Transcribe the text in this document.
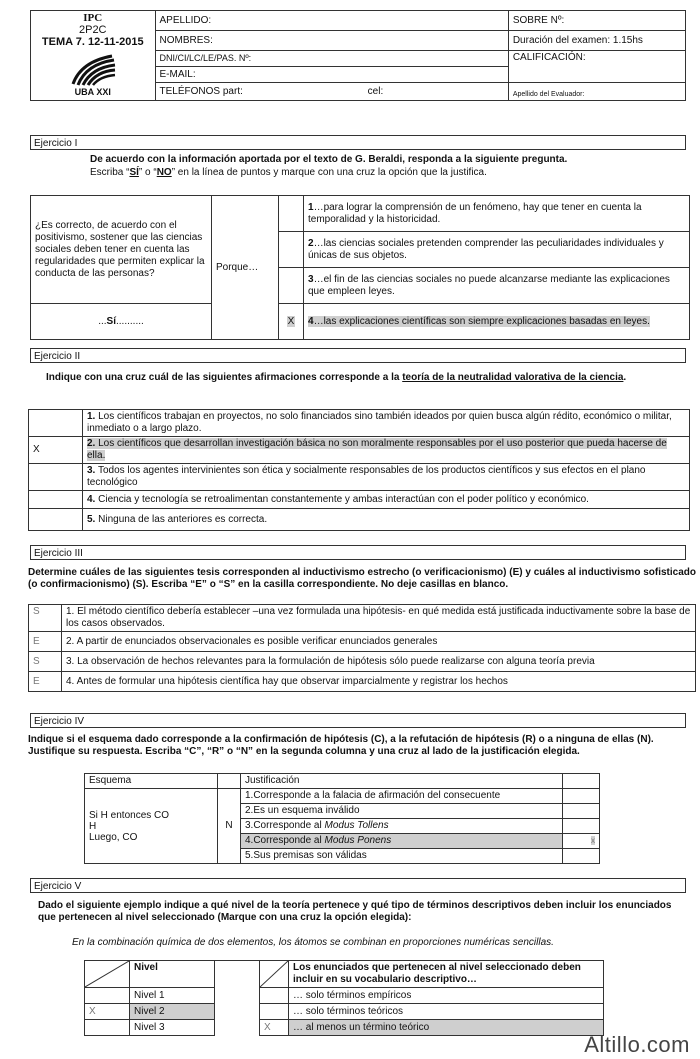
IPC
2P2C
TEMA 7. 12-11-2015
UBA XXI	APELLIDO:	SOBRE Nº:
	NOMBRES:	Duración del examen: 1.15hs
	DNI/CI/LC/LE/PAS. Nº:	CALIFICACIÓN:
	E-MAIL:	
	TELÉFONOS part: cel:	Apellido del Evaluador:
Ejercicio I
De acuerdo con la información aportada por el texto de G. Beraldi, responda a la siguiente pregunta.
Escriba “SÍ” o “NO” en la línea de puntos y marque con una cruz la opción que la justifica.
¿Es correcto, de acuerdo con el positivismo, sostener que las ciencias sociales deben tener en cuenta las regularidades que permiten explicar la conducta de las personas?	Porque…		1…para lograr la comprensión de un fenómeno, hay que tener en cuenta la temporalidad y la historicidad.
			2…las ciencias sociales pretenden comprender las peculiaridades individuales y únicas de sus objetos.
			3…el fin de las ciencias sociales no puede alcanzarse mediante las explicaciones que empleen leyes.
...Sí..........		X	4…las explicaciones científicas son siempre explicaciones basadas en leyes.
Ejercicio II
Indique con una cruz cuál de las siguientes afirmaciones corresponde a la teoría de la neutralidad valorativa de la ciencia.
	1. Los científicos trabajan en proyectos, no solo financiados sino también ideados por quien busca algún rédito, económico o militar, inmediato o a largo plazo.
X	2. Los científicos que desarrollan investigación básica no son moralmente responsables por el uso posterior que pueda hacerse de ella.
	3. Todos los agentes intervinientes son ética y socialmente responsables de los productos científicos y sus efectos en el plano tecnológico
	4. Ciencia y tecnología se retroalimentan constantemente y ambas interactúan con el poder político y económico.
	5. Ninguna de las anteriores es correcta.
Ejercicio III
Determine cuáles de las siguientes tesis corresponden al inductivismo estrecho (o verificacionismo) (E) y cuáles al inductivismo sofisticado (o confirmacionismo) (S). Escriba “E” o “S” en la casilla correspondiente. No deje casillas en blanco.
S	1. El método científico debería establecer –una vez formulada una hipótesis- en qué medida está justificada inductivamente sobre la base de los casos observados.
E	2. A partir de enunciados observacionales es posible verificar enunciados generales
S	3. La observación de hechos relevantes para la formulación de hipótesis sólo puede realizarse con alguna teoría previa
E	4. Antes de formular una hipótesis científica hay que observar imparcialmente y registrar los hechos
Ejercicio IV
Indique si el esquema dado corresponde a la confirmación de hipótesis (C), a la refutación de hipótesis (R) o a ninguna de ellas (N). Justifique su respuesta. Escriba “C”, “R” o “N” en la segunda columna y una cruz al lado de la justificación elegida.
Esquema		Justificación	

Si H entonces CO
H
Luego, CO	N	1.Corresponde a la falacia de afirmación del consecuente	
		2.Es un esquema inválido	
		3.Corresponde al Modus Tollens	
		4.Corresponde al Modus Ponens	x
		5.Sus premisas son válidas	
Ejercicio V
Dado el siguiente ejemplo indique a qué nivel de la teoría pertenece y qué tipo de términos descriptivos deben incluir los enunciados que pertenecen al nivel seleccionado (Marque con una cruz la opción elegida):
En la combinación química de dos elementos, los átomos se combinan en proporciones numéricas sencillas.
	Nivel			Los enunciados que pertenecen al nivel seleccionado deben incluir en su vocabulario descriptivo…
	Nivel 1			… solo términos empíricos
X	Nivel 2			… solo términos teóricos
	Nivel 3		X	… al menos un término teórico
Altillo.com
